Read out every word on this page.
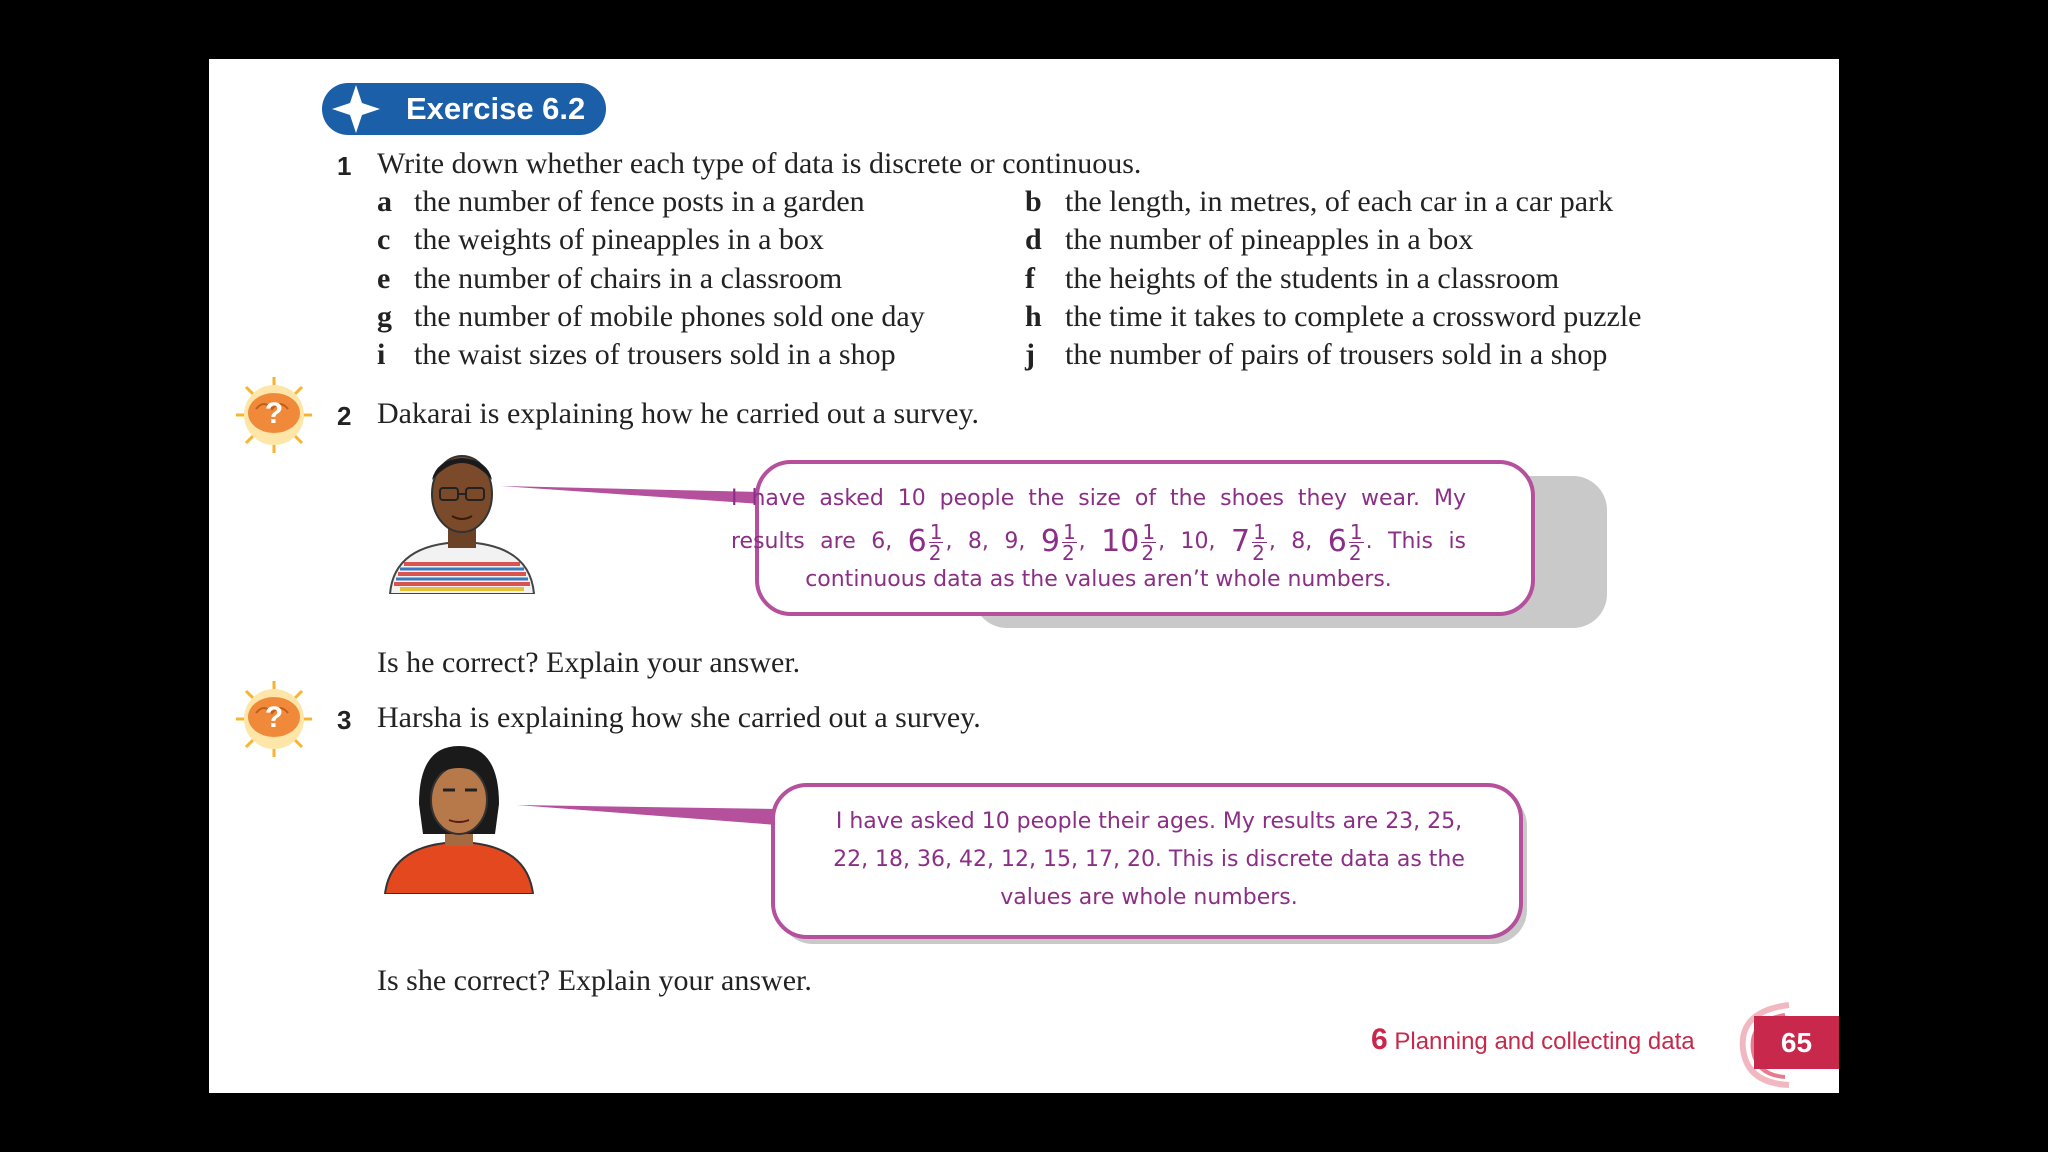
Exercise 6.2
1 Write down whether each type of data is discrete or continuous.
a the number of fence posts in a garden	b the length, in metres, of each car in a car park
c the weights of pineapples in a box	d the number of pineapples in a box
e the number of chairs in a classroom	f the heights of the students in a classroom
g the number of mobile phones sold one day	h the time it takes to complete a crossword puzzle
i the waist sizes of trousers sold in a shop	j the number of pairs of trousers sold in a shop
? 2 Dakarai is explaining how he carried out a survey.
I have asked 10 people the size of the shoes they wear. My
results are 6, $6 \frac{1}{2}$ , 8, 9, $9 \frac{1}{2}$ , $10 \frac{1}{2}$ , 10, $7 \frac{1}{2}$ , 8, $6 \frac{1}{2}$ . This is
continuous data as the values aren’t whole numbers.
Is he correct? Explain your answer.
? 3 Harsha is explaining how she carried out a survey.
I have asked 10 people their ages. My results are 23, 25,
22, 18, 36, 42, 12, 15, 17, 20. This is discrete data as the
values are whole numbers.
Is she correct? Explain your answer.
6 Planning and collecting data	65
